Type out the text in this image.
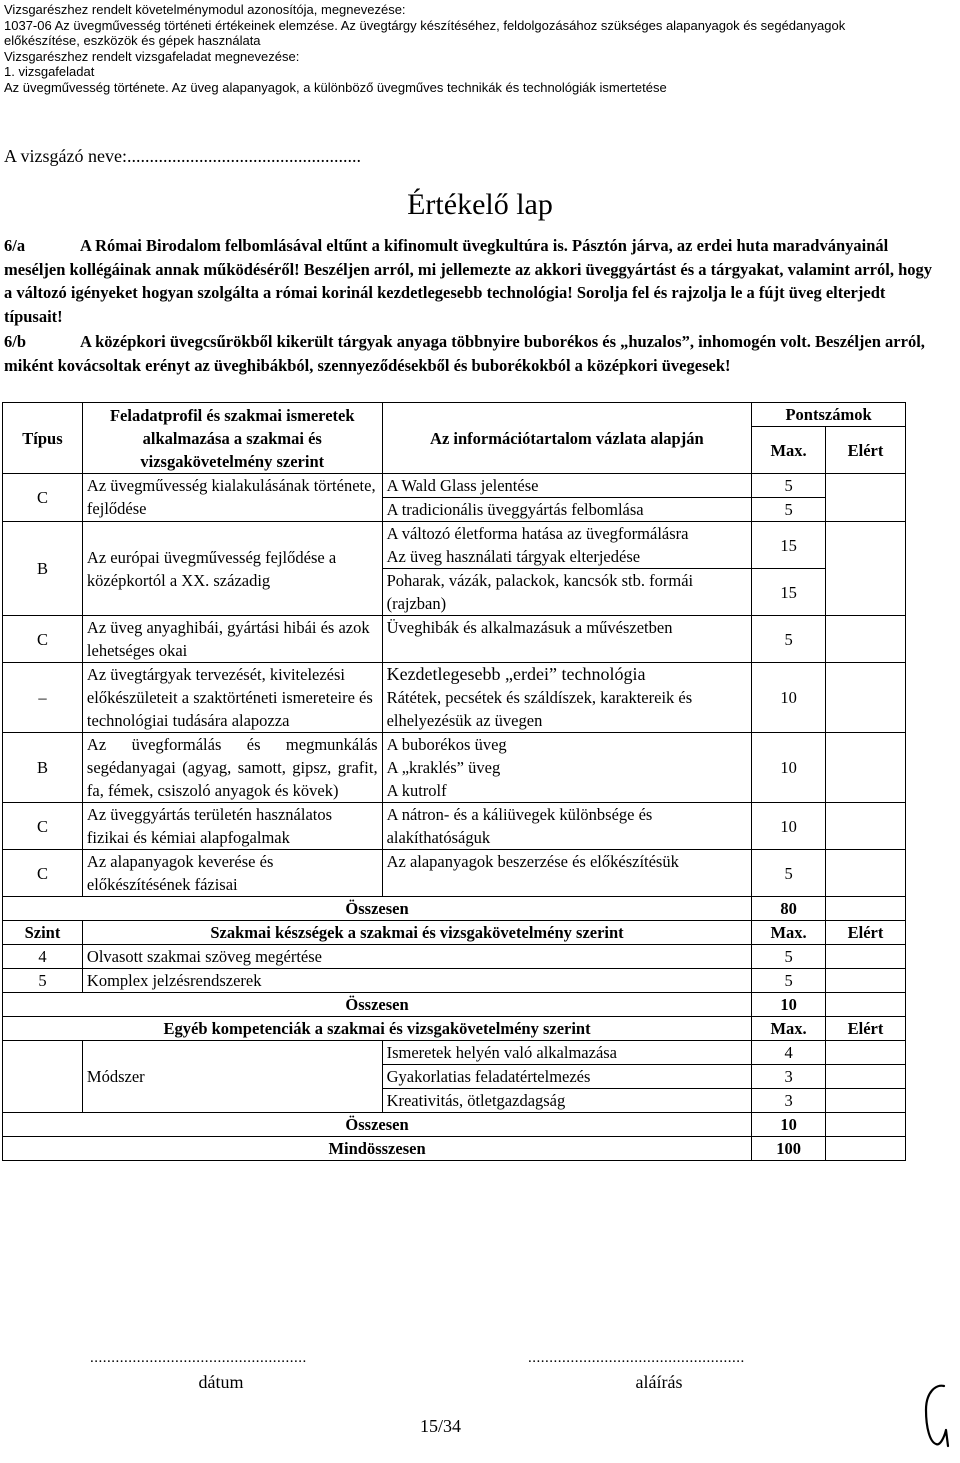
Vizsgarészhez rendelt követelménymodul azonosítója, megnevezése:
1037-06 Az üvegművesség történeti értékeinek elemzése. Az üvegtárgy készítéséhez, feldolgozásához szükséges alapanyagok és segédanyagok
előkészítése, eszközök és gépek használata
Vizsgarészhez rendelt vizsgafeladat megnevezése:
1. vizsgafeladat
Az üvegművesség története. Az üveg alapanyagok, a különböző üvegműves technikák és technológiák ismertetése
A vizsgázó neve:....................................................
Értékelő lap
6/a	A Római Birodalom felbomlásával eltűnt a kifinomult üvegkultúra is. Pásztón járva, az erdei huta maradványainál meséljen kollégáinak annak működéséről! Beszéljen arról, mi jellemezte az akkori üveggyártást és a tárgyakat, valamint arról, hogy a változó igényeket hogyan szolgálta a római korinál kezdetlegesebb technológia! Sorolja fel és rajzolja le a fújt üveg elterjedt típusait!
6/b	A középkori üvegcsűrökből kikerült tárgyak anyaga többnyire buborékos és „huzalos”, inhomogén volt. Beszéljen arról, miként kovácsoltak erényt az üveghibákból, szennyeződésekből és buborékokból a középkori üvegesek!
Típus	Feladatprofil és szakmai ismeretek alkalmazása a szakmai és vizsgakövetelmény szerint	Az információtartalom vázlata alapján	Pontszámok	
			Max.	Elért
C	Az üvegművesség kialakulásának története, fejlődése	A Wald Glass jelentése	5	
		A tradicionális üveggyártás felbomlása	5	
B	Az európai üvegművesség fejlődése a középkortól a XX. századig	A változó életforma hatása az üvegformálásra
Az üveg használati tárgyak elterjedése	15	
		Poharak, vázák, palackok, kancsók stb. formái (rajzban)	15	
C	Az üveg anyaghibái, gyártási hibái és azok lehetséges okai	Üveghibák és alkalmazásuk a művészetben	5	
–	Az üvegtárgyak tervezését, kivitelezési előkészületeit a szaktörténeti ismereteire és technológiai tudására alapozza	Kezdetlegesebb „erdei” technológia
Rátétek, pecsétek és száldíszek, karaktereik és elhelyezésük az üvegen	10	
B	Az üvegformálás és megmunkálás segédanyagai (agyag, samott, gipsz, grafit, fa, fémek, csiszoló anyagok és kövek)	A buborékos üveg
A „kraklés” üveg
A kutrolf	10	
C	Az üveggyártás területén használatos fizikai és kémiai alapfogalmak	A nátron- és a káliüvegek különbsége és alakíthatóságuk	10	
C	Az alapanyagok keverése és előkészítésének fázisai	Az alapanyagok beszerzése és előkészítésük	5	
Összesen			80	
Szint	Szakmai készségek a szakmai és vizsgakövetelmény szerint		Max.	Elért
4	Olvasott szakmai szöveg megértése		5	
5	Komplex jelzésrendszerek		5	
Összesen			10	
Egyéb kompetenciák a szakmai és vizsgakövetelmény szerint			Max.	Elért
	Módszer	Ismeretek helyén való alkalmazása	4	
		Gyakorlatias feladatértelmezés	3	
		Kreativitás, ötletgazdagság	3	
Összesen			10	
Mindösszesen			100	
...................................................
dátum
...................................................
aláírás
15/34
